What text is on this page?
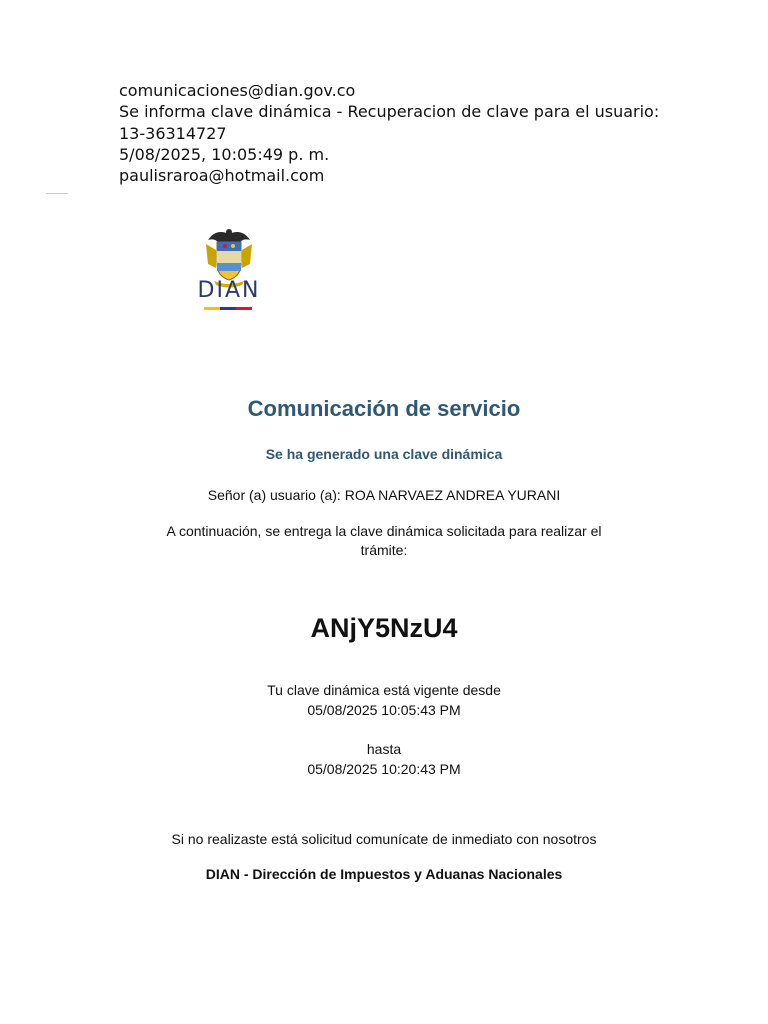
comunicaciones@dian.gov.co
Se informa clave dinámica - Recuperacion de clave para el usuario:
13-36314727
5/08/2025, 10:05:49 p. m.
paulisraroa@hotmail.com
DIAN
Comunicación de servicio
Se ha generado una clave dinámica
Señor (a) usuario (a): ROA NARVAEZ ANDREA YURANI
A continuación, se entrega la clave dinámica solicitada para realizar el
trámite:
ANjY5NzU4
Tu clave dinámica está vigente desde
05/08/2025 10:05:43 PM
hasta
05/08/2025 10:20:43 PM
Si no realizaste está solicitud comunícate de inmediato con nosotros
DIAN - Dirección de Impuestos y Aduanas Nacionales
